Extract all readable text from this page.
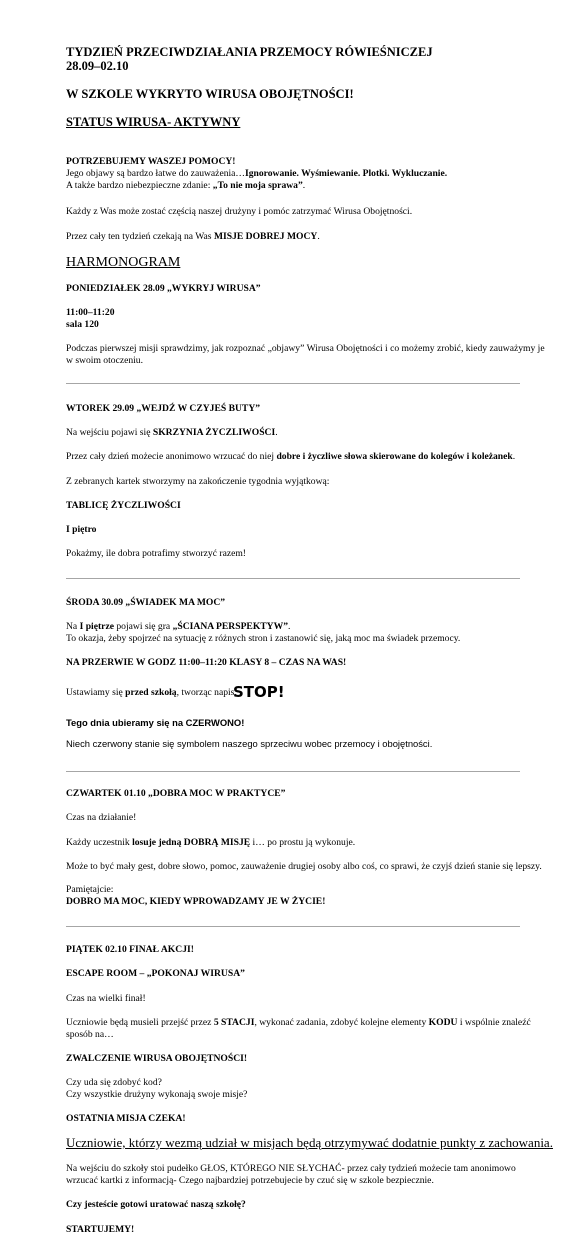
TYDZIEŃ PRZECIWDZIAŁANIA PRZEMOCY RÓWIEŚNICZEJ
28.09–02.10
W SZKOLE WYKRYTO WIRUSA OBOJĘTNOŚCI!
STATUS WIRUSA- AKTYWNY
POTRZEBUJEMY WASZEJ POMOCY!
Jego objawy są bardzo łatwe do zauważenia…Ignorowanie. Wyśmiewanie. Plotki. Wykluczanie.
A także bardzo niebezpieczne zdanie: „To nie moja sprawa”.
Każdy z Was może zostać częścią naszej drużyny i pomóc zatrzymać Wirusa Obojętności.
Przez cały ten tydzień czekają na Was MISJE DOBREJ MOCY.
HARMONOGRAM
PONIEDZIAŁEK 28.09 „WYKRYJ WIRUSA”
11:00–11:20
sala 120
Podczas pierwszej misji sprawdzimy, jak rozpoznać „objawy” Wirusa Obojętności i co możemy zrobić, kiedy zauważymy je
w swoim otoczeniu.
WTOREK 29.09 „WEJDŹ W CZYJEŚ BUTY”
Na wejściu pojawi się SKRZYNIA ŻYCZLIWOŚCI.
Przez cały dzień możecie anonimowo wrzucać do niej dobre i życzliwe słowa skierowane do kolegów i koleżanek.
Z zebranych kartek stworzymy na zakończenie tygodnia wyjątkową:
TABLICĘ ŻYCZLIWOŚCI
I piętro
Pokażmy, ile dobra potrafimy stworzyć razem!
ŚRODA 30.09 „ŚWIADEK MA MOC”
Na I piętrze pojawi się gra „ŚCIANA PERSPEKTYW”.
To okazja, żeby spojrzeć na sytuację z różnych stron i zastanowić się, jaką moc ma świadek przemocy.
NA PRZERWIE W GODZ 11:00–11:20 KLASY 8 – CZAS NA WAS!
Ustawiamy się przed szkołą, tworząc napis:
STOP!
Tego dnia ubieramy się na CZERWONO!
Niech czerwony stanie się symbolem naszego sprzeciwu wobec przemocy i obojętności.
CZWARTEK 01.10 „DOBRA MOC W PRAKTYCE”
Czas na działanie!
Każdy uczestnik losuje jedną DOBRĄ MISJĘ i… po prostu ją wykonuje.
Może to być mały gest, dobre słowo, pomoc, zauważenie drugiej osoby albo coś, co sprawi, że czyjś dzień stanie się lepszy.
Pamiętajcie:
DOBRO MA MOC, KIEDY WPROWADZAMY JE W ŻYCIE!
PIĄTEK 02.10 FINAŁ AKCJI!
ESCAPE ROOM – „POKONAJ WIRUSA”
Czas na wielki finał!
Uczniowie będą musieli przejść przez 5 STACJI, wykonać zadania, zdobyć kolejne elementy KODU i wspólnie znaleźć
sposób na…
ZWALCZENIE WIRUSA OBOJĘTNOŚCI!
Czy uda się zdobyć kod?
Czy wszystkie drużyny wykonają swoje misje?
OSTATNIA MISJA CZEKA!
Uczniowie, którzy wezmą udział w misjach będą otrzymywać dodatnie punkty z zachowania.
Na wejściu do szkoły stoi pudełko GŁOS, KTÓREGO NIE SŁYCHAĆ- przez cały tydzień możecie tam anonimowo
wrzucać kartki z informacją- Czego najbardziej potrzebujecie by czuć się w szkole bezpiecznie.
Czy jesteście gotowi uratować naszą szkołę?
STARTUJEMY!
